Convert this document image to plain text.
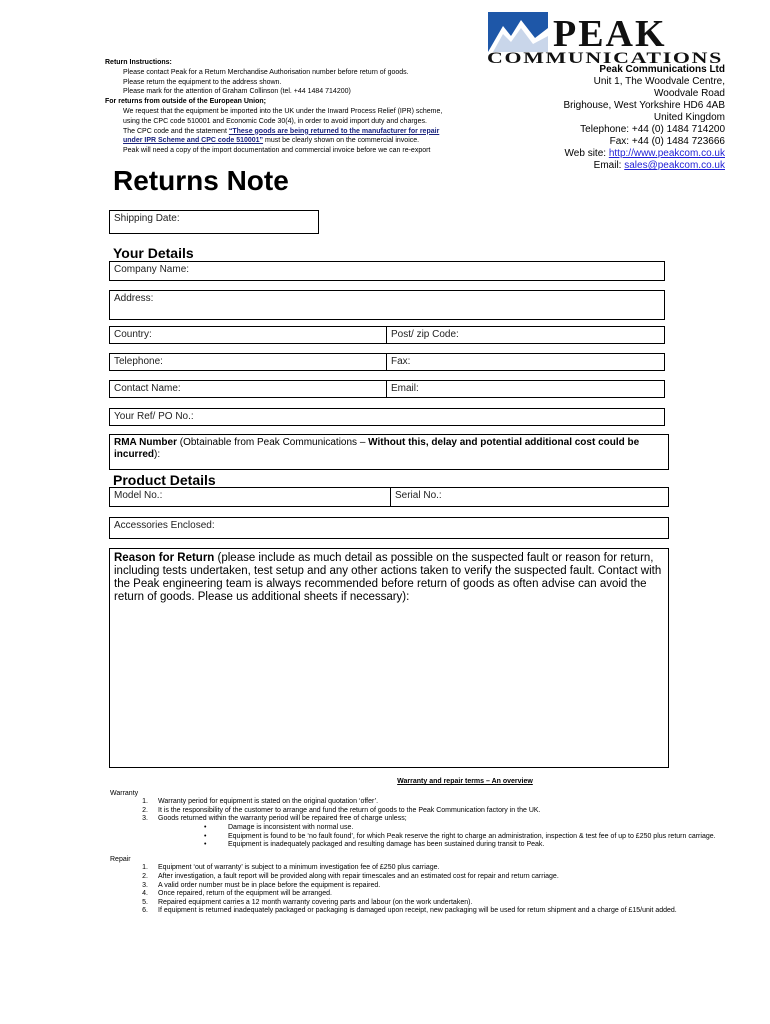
Return Instructions:
Please contact Peak for a Return Merchandise Authorisation number before return of goods.
Please return the equipment to the address shown.
Please mark for the attention of Graham Collinson (tel. +44 1484 714200)
For returns from outside of the European Union;
We request that the equipment be imported into the UK under the Inward Process Relief (IPR) scheme,
using the CPC code 510001 and Economic Code 30(4), in order to avoid import duty and charges.
The CPC code and the statement “These goods are being returned to the manufacturer for repair
under IPR Scheme and CPC code 510001” must be clearly shown on the commercial invoice.
Peak will need a copy of the import documentation and commercial invoice before we can re-export
PEAK
COMMUNICATIONS
Peak Communications Ltd
Unit 1, The Woodvale Centre,
Woodvale Road
Brighouse, West Yorkshire HD6 4AB
United Kingdom
Telephone: +44 (0) 1484 714200
Fax: +44 (0) 1484 723666
Web site: http://www.peakcom.co.uk
Email: sales@peakcom.co.uk
Returns Note
Shipping Date:
Your Details
Company Name:
Address:
Country:	Post/ zip Code:
Telephone:	Fax:
Contact Name:	Email:
Your Ref/ PO No.:
RMA Number (Obtainable from Peak Communications – Without this, delay and potential additional cost could be
incurred):
Product Details
Model No.:	Serial No.:
Accessories Enclosed:
Reason for Return (please include as much detail as possible on the suspected fault or reason for return, including tests undertaken, test setup and any other actions taken to verify the suspected fault. Contact with the Peak engineering team is always recommended before return of goods as often advise can avoid the return of goods. Please us additional sheets if necessary):
Warranty and repair terms – An overview
Warranty
1.	Warranty period for equipment is stated on the original quotation ‘offer’.
2.	It is the responsibility of the customer to arrange and fund the return of goods to the Peak Communication factory in the UK.
3.	Goods returned within the warranty period will be repaired free of charge unless;
•	Damage is inconsistent with normal use.
•	Equipment is found to be ‘no fault found’, for which Peak reserve the right to charge an administration, inspection & test fee of up to £250 plus return carriage.
•	Equipment is inadequately packaged and resulting damage has been sustained during transit to Peak.
Repair
1.	Equipment ‘out of warranty’ is subject to a minimum investigation fee of £250 plus carriage.
2.	After investigation, a fault report will be provided along with repair timescales and an estimated cost for repair and return carriage.
3.	A valid order number must be in place before the equipment is repaired.
4.	Once repaired, return of the equipment will be arranged.
5.	Repaired equipment carries a 12 month warranty covering parts and labour (on the work undertaken).
6.	If equipment is returned inadequately packaged or packaging is damaged upon receipt, new packaging will be used for return shipment and a charge of £15/unit added.
